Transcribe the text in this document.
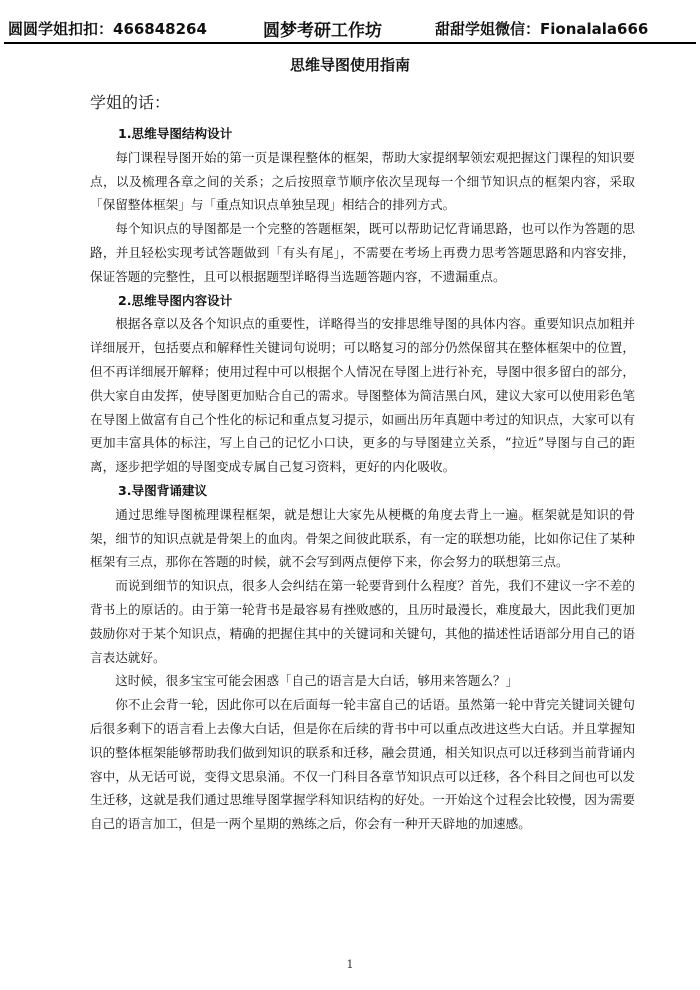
圆圆学姐扣扣：466848264	圆梦考研工作坊	甜甜学姐微信：Fionalala666
思维导图使用指南
学姐的话：
1.思维导图结构设计

每门课程导图开始的第一页是课程整体的框架，帮助大家提纲挈领宏观把握这门课程的知识要点，以及梳理各章之间的关系；之后按照章节顺序依次呈现每一个细节知识点的框架内容，采取「保留整体框架」与「重点知识点单独呈现」相结合的排列方式。

每个知识点的导图都是一个完整的答题框架，既可以帮助记忆背诵思路，也可以作为答题的思路，并且轻松实现考试答题做到「有头有尾」，不需要在考场上再费力思考答题思路和内容安排，保证答题的完整性，且可以根据题型详略得当选题答题内容，不遗漏重点。

2.思维导图内容设计

根据各章以及各个知识点的重要性，详略得当的安排思维导图的具体内容。重要知识点加粗并详细展开，包括要点和解释性关键词句说明；可以略复习的部分仍然保留其在整体框架中的位置，但不再详细展开解释；使用过程中可以根据个人情况在导图上进行补充，导图中很多留白的部分，供大家自由发挥，使导图更加贴合自己的需求。导图整体为简洁黑白风，建议大家可以使用彩色笔在导图上做富有自己个性化的标记和重点复习提示，如画出历年真题中考过的知识点，大家可以有更加丰富具体的标注，写上自己的记忆小口诀，更多的与导图建立关系，“拉近”导图与自己的距离，逐步把学姐的导图变成专属自己复习资料，更好的内化吸收。

3.导图背诵建议

通过思维导图梳理课程框架，就是想让大家先从梗概的角度去背上一遍。框架就是知识的骨架，细节的知识点就是骨架上的血肉。骨架之间彼此联系，有一定的联想功能，比如你记住了某种框架有三点，那你在答题的时候，就不会写到两点便停下来，你会努力的联想第三点。

而说到细节的知识点，很多人会纠结在第一轮要背到什么程度？首先，我们不建议一字不差的背书上的原话的。由于第一轮背书是最容易有挫败感的，且历时最漫长，难度最大，因此我们更加鼓励你对于某个知识点，精确的把握住其中的关键词和关键句，其他的描述性话语部分用自己的语言表达就好。

这时候，很多宝宝可能会困惑「自己的语言是大白话，够用来答题么？」

你不止会背一轮，因此你可以在后面每一轮丰富自己的话语。虽然第一轮中背完关键词关键句后很多剩下的语言看上去像大白话，但是你在后续的背书中可以重点改进这些大白话。并且掌握知识的整体框架能够帮助我们做到知识的联系和迁移，融会贯通，相关知识点可以迁移到当前背诵内容中，从无话可说，变得文思泉涌。不仅一门科目各章节知识点可以迁移，各个科目之间也可以发生迁移，这就是我们通过思维导图掌握学科知识结构的好处。一开始这个过程会比较慢，因为需要自己的语言加工，但是一两个星期的熟练之后，你会有一种开天辟地的加速感。

1
